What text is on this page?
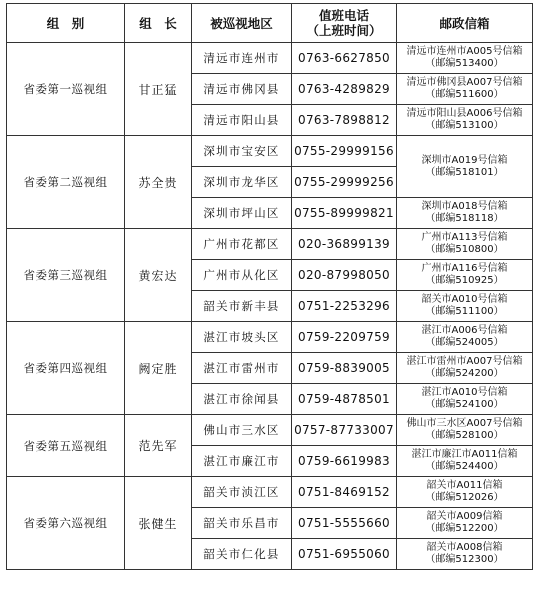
组　别	组　长	被巡视地区	值班电话
（上班时间）	邮政信箱
省委第一巡视组	甘正猛	清远市连州市	0763-6627850	清远市连州市A005号信箱
（邮编513400）

		清远市佛冈县	0763-4289829	清远市佛冈县A007号信箱
（邮编511600）

		清远市阳山县	0763-7898812	清远市阳山县A006号信箱
（邮编513100）

省委第二巡视组	苏全贵	深圳市宝安区	0755-29999156	深圳市A019号信箱
（邮编518101）

		深圳市龙华区	0755-29999256	
		深圳市坪山区	0755-89999821	深圳市A018号信箱
（邮编518118）

省委第三巡视组	黄宏达	广州市花都区	020-36899139	广州市A113号信箱
（邮编510800）

		广州市从化区	020-87998050	广州市A116号信箱
（邮编510925）

		韶关市新丰县	0751-2253296	韶关市A010号信箱
（邮编511100）

省委第四巡视组	阙定胜	湛江市坡头区	0759-2209759	湛江市A006号信箱
（邮编524005）

		湛江市雷州市	0759-8839005	湛江市雷州市A007号信箱
（邮编524200）

		湛江市徐闻县	0759-4878501	湛江市A010号信箱
（邮编524100）

省委第五巡视组	范先军	佛山市三水区	0757-87733007	佛山市三水区A007号信箱
（邮编528100）

		湛江市廉江市	0759-6619983	湛江市廉江市A011信箱
（邮编524400）

省委第六巡视组	张健生	韶关市浈江区	0751-8469152	韶关市A011信箱
（邮编512026）

		韶关市乐昌市	0751-5555660	韶关市A009信箱
（邮编512200）

		韶关市仁化县	0751-6955060	韶关市A008信箱
（邮编512300）
